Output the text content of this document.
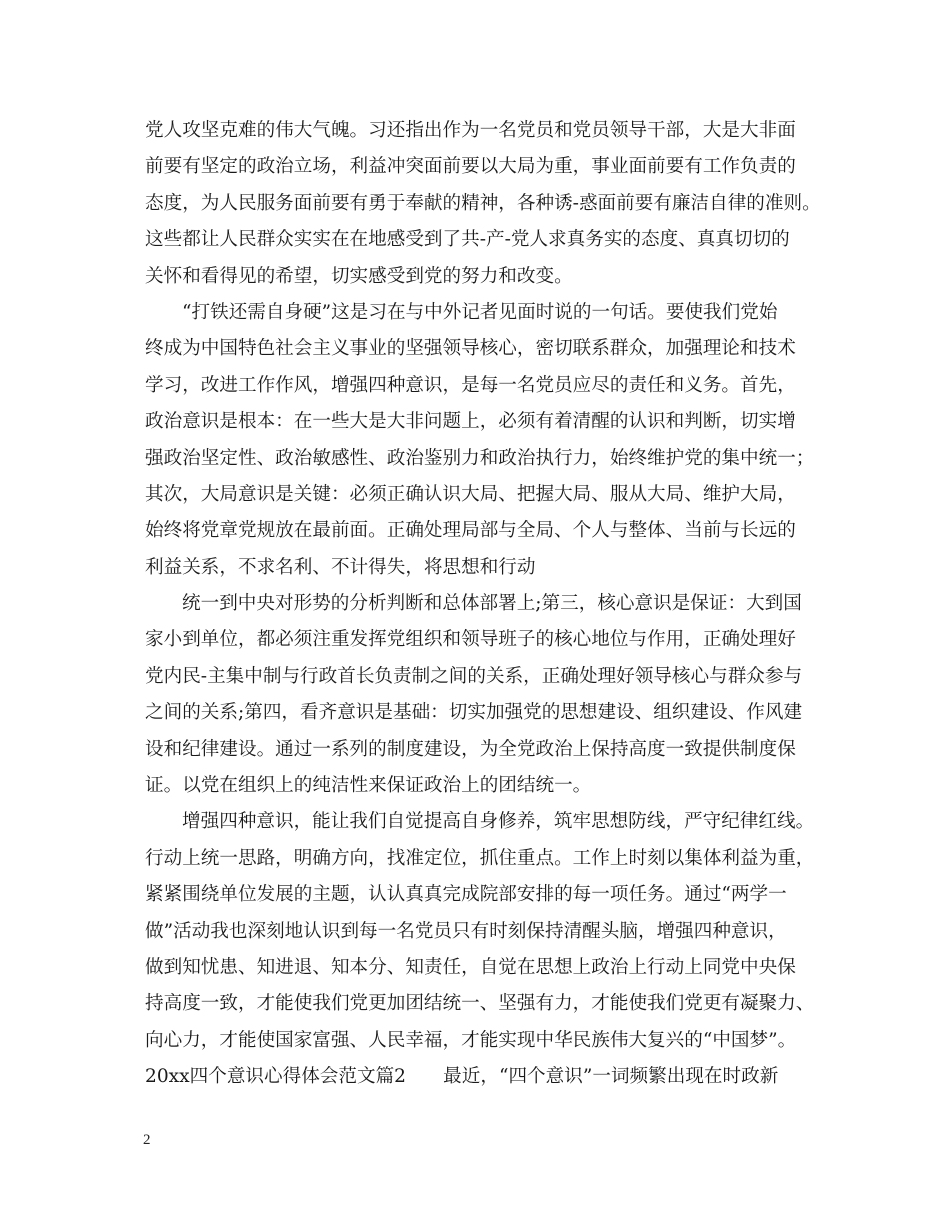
党人攻坚克难的伟大气魄。习还指出作为一名党员和党员领导干部，大是大非面
前要有坚定的政治立场，利益冲突面前要以大局为重，事业面前要有工作负责的
态度，为人民服务面前要有勇于奉献的精神，各种诱-惑面前要有廉洁自律的准则。
这些都让人民群众实实在在地感受到了共-产-党人求真务实的态度、真真切切的
关怀和看得见的希望，切实感受到党的努力和改变。
“打铁还需自身硬”这是习在与中外记者见面时说的一句话。要使我们党始
终成为中国特色社会主义事业的坚强领导核心，密切联系群众，加强理论和技术
学习，改进工作作风，增强四种意识，是每一名党员应尽的责任和义务。首先，
政治意识是根本：在一些大是大非问题上，必须有着清醒的认识和判断，切实增
强政治坚定性、政治敏感性、政治鉴别力和政治执行力，始终维护党的集中统一；
其次，大局意识是关键：必须正确认识大局、把握大局、服从大局、维护大局，
始终将党章党规放在最前面。正确处理局部与全局、个人与整体、当前与长远的
利益关系，不求名利、不计得失，将思想和行动
统一到中央对形势的分析判断和总体部署上;第三，核心意识是保证：大到国
家小到单位，都必须注重发挥党组织和领导班子的核心地位与作用，正确处理好
党内民-主集中制与行政首长负责制之间的关系，正确处理好领导核心与群众参与
之间的关系;第四，看齐意识是基础：切实加强党的思想建设、组织建设、作风建
设和纪律建设。通过一系列的制度建设，为全党政治上保持高度一致提供制度保
证。以党在组织上的纯洁性来保证政治上的团结统一。
增强四种意识，能让我们自觉提高自身修养，筑牢思想防线，严守纪律红线。
行动上统一思路，明确方向，找准定位，抓住重点。工作上时刻以集体利益为重，
紧紧围绕单位发展的主题，认认真真完成院部安排的每一项任务。通过“两学一
做”活动我也深刻地认识到每一名党员只有时刻保持清醒头脑，增强四种意识，
做到知忧患、知进退、知本分、知责任，自觉在思想上政治上行动上同党中央保
持高度一致，才能使我们党更加团结统一、坚强有力，才能使我们党更有凝聚力、
向心力，才能使国家富强、人民幸福，才能实现中华民族伟大复兴的“中国梦”。
20xx四个意识心得体会范文篇2　　最近，“四个意识”一词频繁出现在时政新
2
